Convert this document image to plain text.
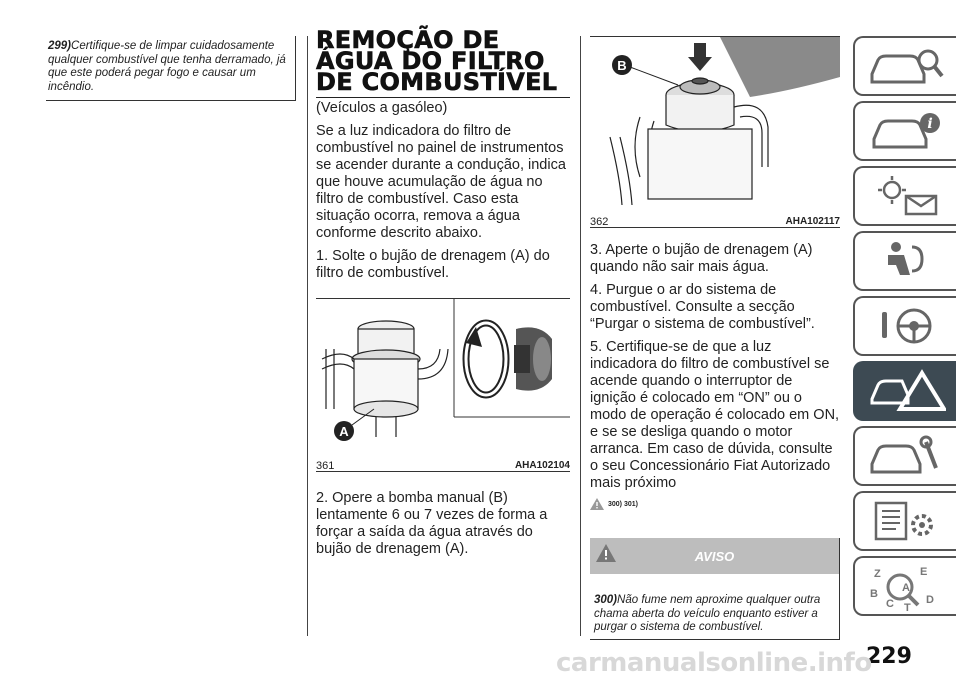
299)Certifique-se de limpar cuidadosamente qualquer combustível que tenha derramado, já que este poderá pegar fogo e causar um incêndio.
REMOÇÃO DE ÁGUA DO FILTRO DE COMBUSTÍVEL

(Veículos a gasóleo)

Se a luz indicadora do filtro de combustível no painel de instrumentos se acender durante a condução, indica que houve acumulação de água no filtro de combustível. Caso esta situação ocorra, remova a água conforme descrito abaixo.

1. Solte o bujão de drenagem (A) do filtro de combustível.

A
361	AHA102104

2. Opere a bomba manual (B) lentamente 6 ou 7 vezes de forma a forçar a saída da água através do bujão de drenagem (A).

B
362	AHA102117

3. Aperte o bujão de drenagem (A) quando não sair mais água.

4. Purgue o ar do sistema de combustível. Consulte a secção “Purgar o sistema de combustível”.

5. Certifique-se de que a luz indicadora do filtro de combustível se acende quando o interruptor de ignição é colocado em “ON” ou o modo de operação é colocado em ON, e se se desliga quando o motor arranca. Em caso de dúvida, consulte o seu Concessionário Fiat Autorizado mais próximo

300) 301)
AVISO
300)Não fume nem aproxime qualquer outra chama aberta do veículo enquanto estiver a purgar o sistema de combustível.
i
Z	E
A
B
C	D
T
229
carmanualsonline.info
